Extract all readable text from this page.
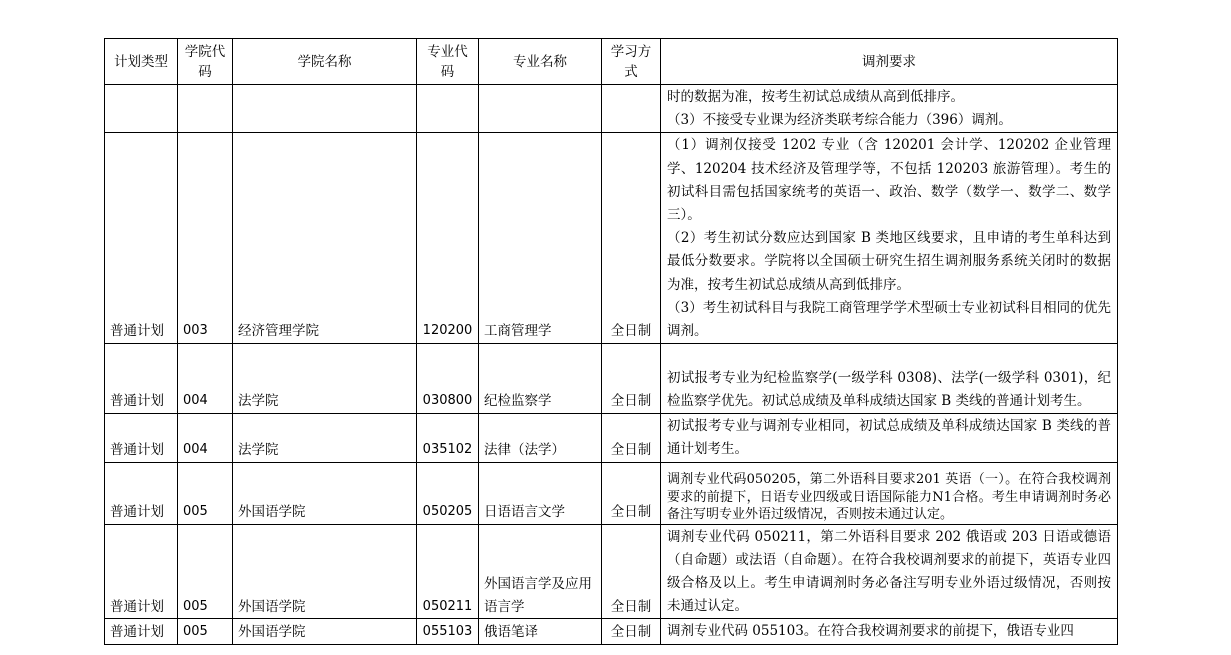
计划类型	学院代码	学院名称	专业代码	专业名称	学习方式	调剂要求

						时的数据为准，按考生初试总成绩从高到低排序。

（3）不接受专业课为经济类联考综合能力（396）调剂。

普通计划	003	经济管理学院	120200	工商管理学	全日制	（1）调剂仅接受 1202 专业（含 120201 会计学、120202 企业管理学、120204 技术经济及管理学等，不包括 120203 旅游管理）。考生的初试科目需包括国家统考的英语一、政治、数学（数学一、数学二、数学三）。

（2）考生初试分数应达到国家 B 类地区线要求，且申请的考生单科达到最低分数要求。学院将以全国硕士研究生招生调剂服务系统关闭时的数据为准，按考生初试总成绩从高到低排序。

（3）考生初试科目与我院工商管理学学术型硕士专业初试科目相同的优先调剂。

普通计划	004	法学院	030800	纪检监察学	全日制	初试报考专业为纪检监察学(一级学科 0308)、法学(一级学科 0301)，纪检监察学优先。初试总成绩及单科成绩达国家 B 类线的普通计划考生。

普通计划	004	法学院	035102	法律（法学）	全日制	初试报考专业与调剂专业相同，初试总成绩及单科成绩达国家 B 类线的普通计划考生。

普通计划	005	外国语学院	050205	日语语言文学	全日制	调剂专业代码050205，第二外语科目要求201 英语（一）。在符合我校调剂要求的前提下，日语专业四级或日语国际能力N1合格。考生申请调剂时务必备注写明专业外语过级情况，否则按未通过认定。

普通计划	005	外国语学院	050211	外国语言学及应用语言学	全日制	调剂专业代码 050211，第二外语科目要求 202 俄语或 203 日语或德语（自命题）或法语（自命题）。在符合我校调剂要求的前提下，英语专业四级合格及以上。考生申请调剂时务必备注写明专业外语过级情况，否则按未通过认定。

普通计划	005	外国语学院	055103	俄语笔译	全日制	调剂专业代码 055103。在符合我校调剂要求的前提下，俄语专业四
